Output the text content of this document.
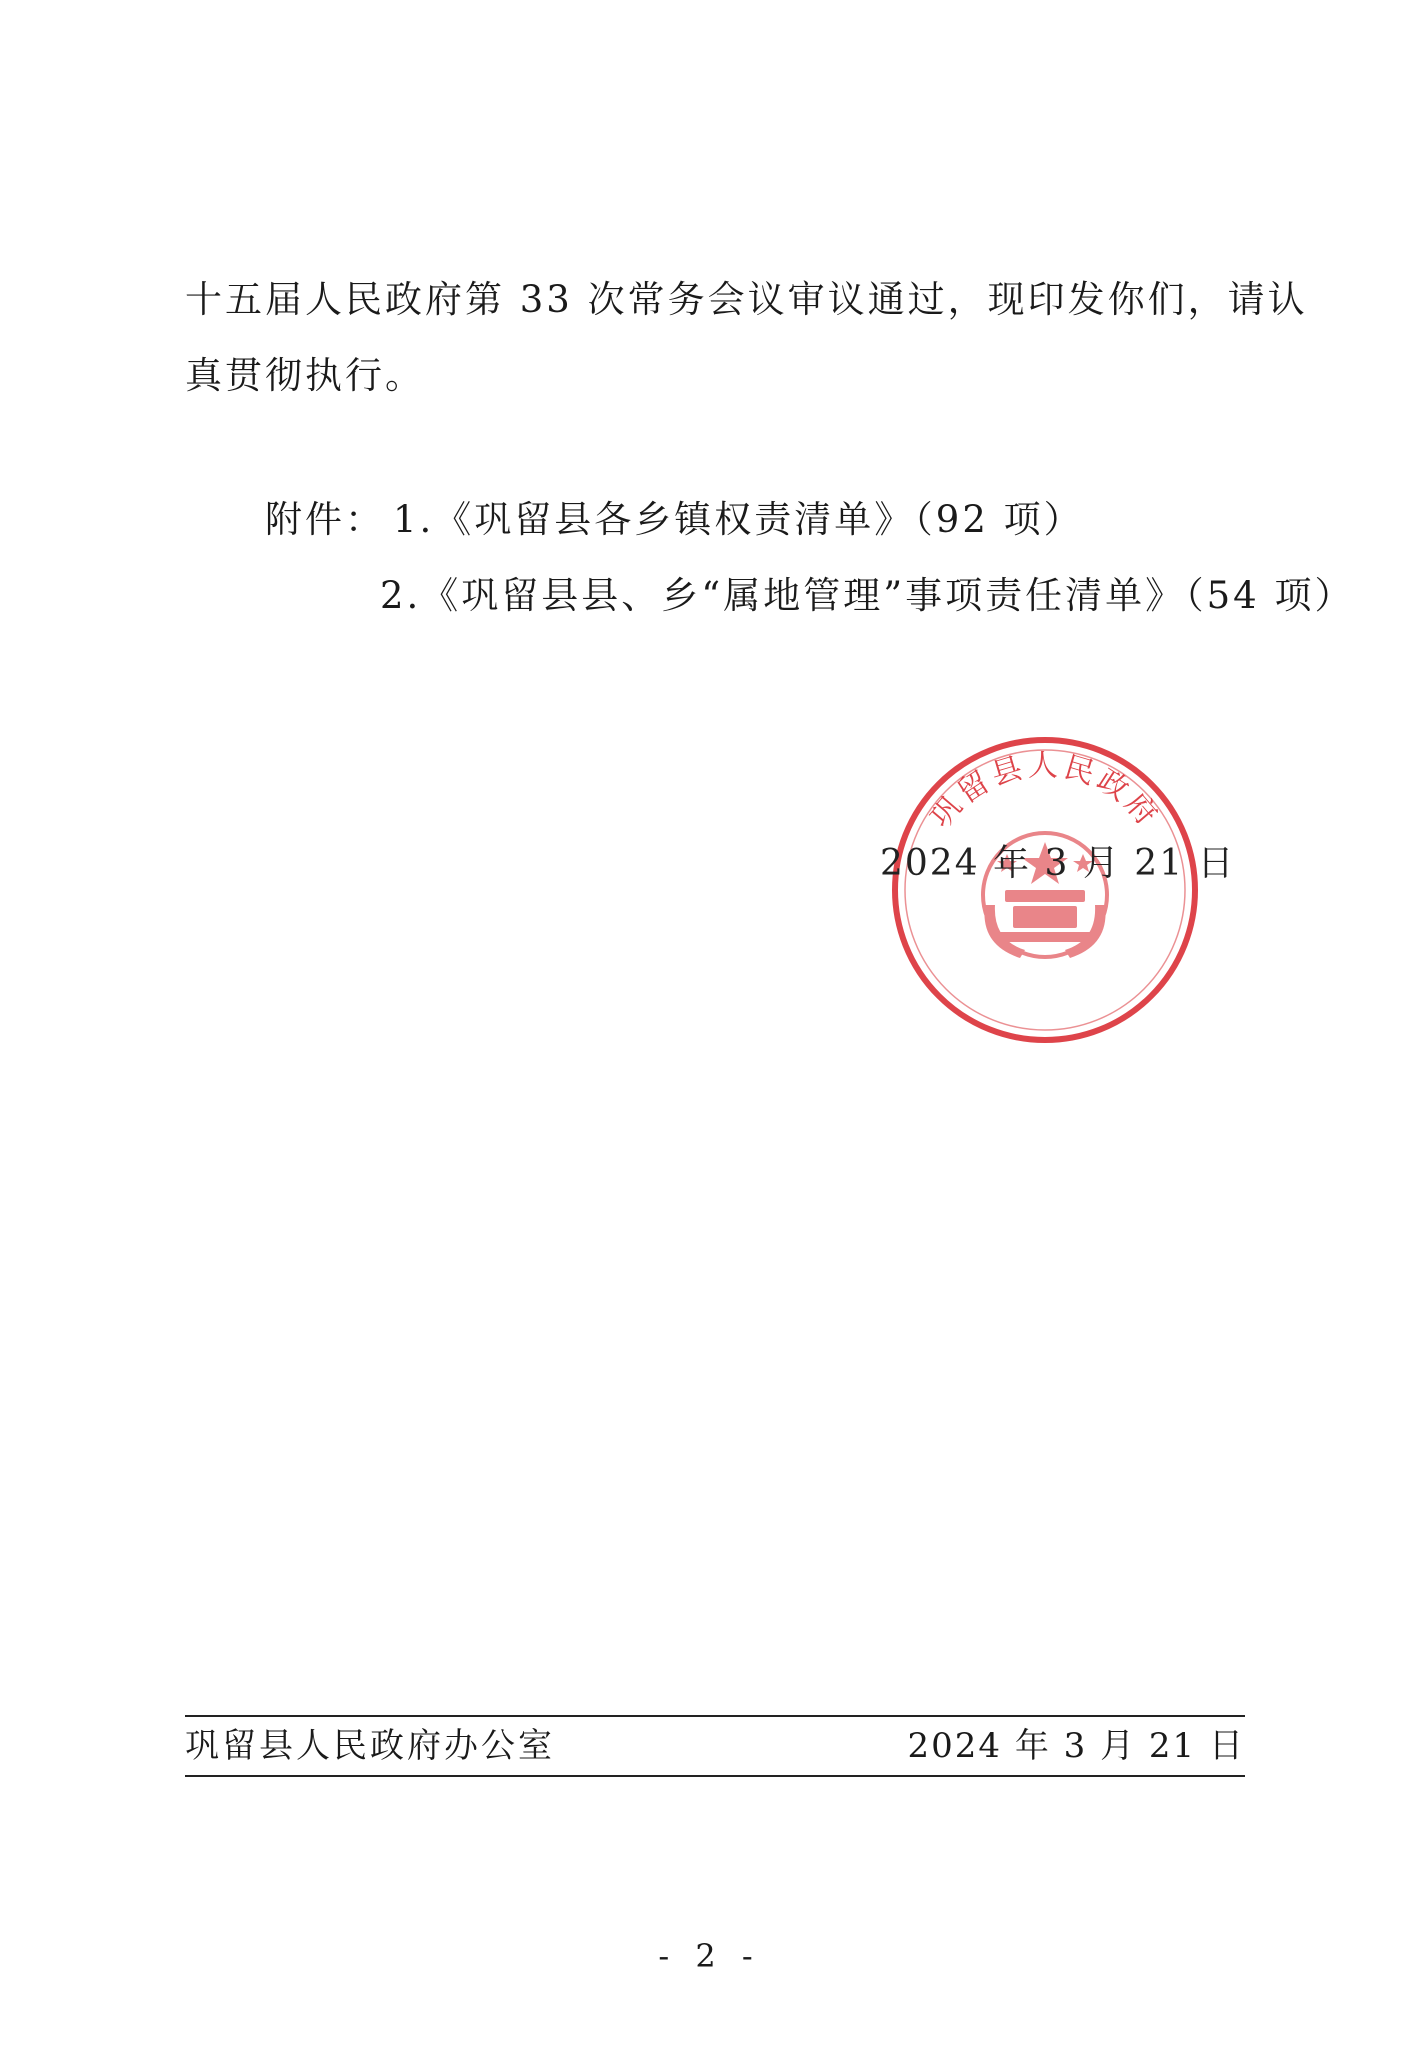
十五届人民政府第 33 次常务会议审议通过，现印发你们，请认
真贯彻执行。
附件： 1.《巩留县各乡镇权责清单》（92 项）
2.《巩留县县、乡“属地管理”事项责任清单》（54 项）
巩留县人民政府
2024 年 3 月 21 日
巩留县人民政府办公室	2024 年 3 月 21 日
- 2 -
